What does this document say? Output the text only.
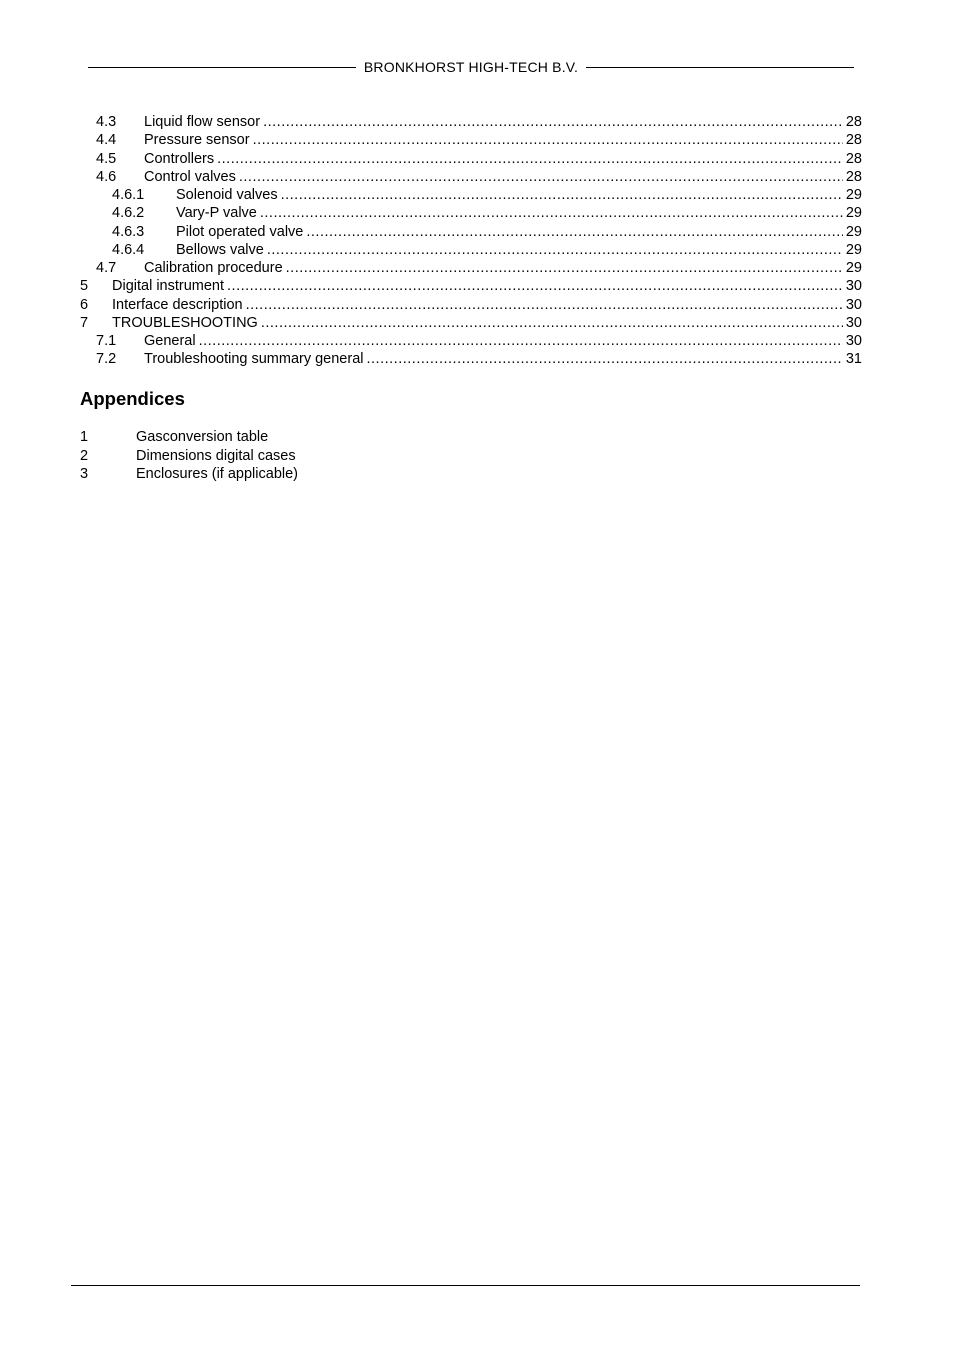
BRONKHORST HIGH-TECH B.V.
4.3 Liquid flow sensor .....	28
4.4 Pressure sensor .....	28
4.5 Controllers .....	28
4.6 Control valves .....	28
4.6.1 Solenoid valves .....	29
4.6.2 Vary-P valve .....	29
4.6.3 Pilot operated valve .....	29
4.6.4 Bellows valve .....	29
4.7 Calibration procedure .....	29
5 Digital instrument .....	30
6 Interface description .....	30
7 TROUBLESHOOTING .....	30
7.1 General .....	30
7.2 Troubleshooting summary general .....	31
Appendices
1	Gasconversion table
2	Dimensions digital cases
3	Enclosures (if applicable)
